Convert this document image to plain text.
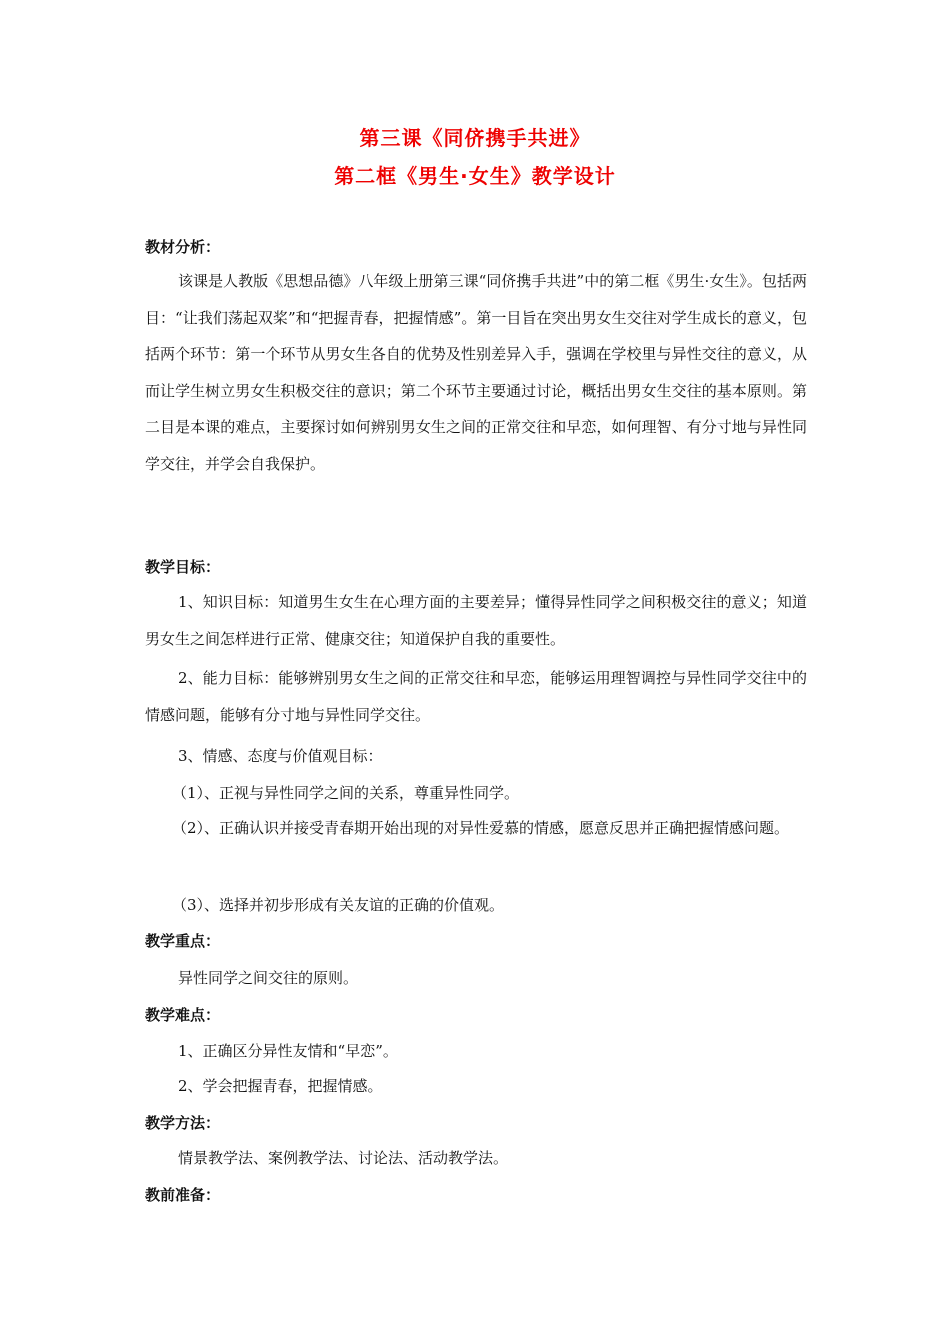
第三课《同侪携手共进》
第二框《男生·女生》教学设计
教材分析：

该课是人教版《思想品德》八年级上册第三课“同侪携手共进”中的第二框《男生·女生》。包括两目：“让我们荡起双桨”和“把握青春，把握情感”。第一目旨在突出男女生交往对学生成长的意义，包括两个环节：第一个环节从男女生各自的优势及性别差异入手，强调在学校里与异性交往的意义，从而让学生树立男女生积极交往的意识；第二个环节主要通过讨论，概括出男女生交往的基本原则。第二目是本课的难点，主要探讨如何辨别男女生之间的正常交往和早恋，如何理智、有分寸地与异性同学交往，并学会自我保护。

教学目标：

1、知识目标：知道男生女生在心理方面的主要差异；懂得异性同学之间积极交往的意义；知道男女生之间怎样进行正常、健康交往；知道保护自我的重要性。

2、能力目标：能够辨别男女生之间的正常交往和早恋，能够运用理智调控与异性同学交往中的情感问题，能够有分寸地与异性同学交往。

3、情感、态度与价值观目标：
（1）、正视与异性同学之间的关系，尊重异性同学。

（2）、正确认识并接受青春期开始出现的对异性爱慕的情感，愿意反思并正确把握情感问题。

（3）、选择并初步形成有关友谊的正确的价值观。
教学重点：
异性同学之间交往的原则。
教学难点：
1、正确区分异性友情和“早恋”。
2、学会把握青春，把握情感。
教学方法：
情景教学法、案例教学法、讨论法、活动教学法。
教前准备：
